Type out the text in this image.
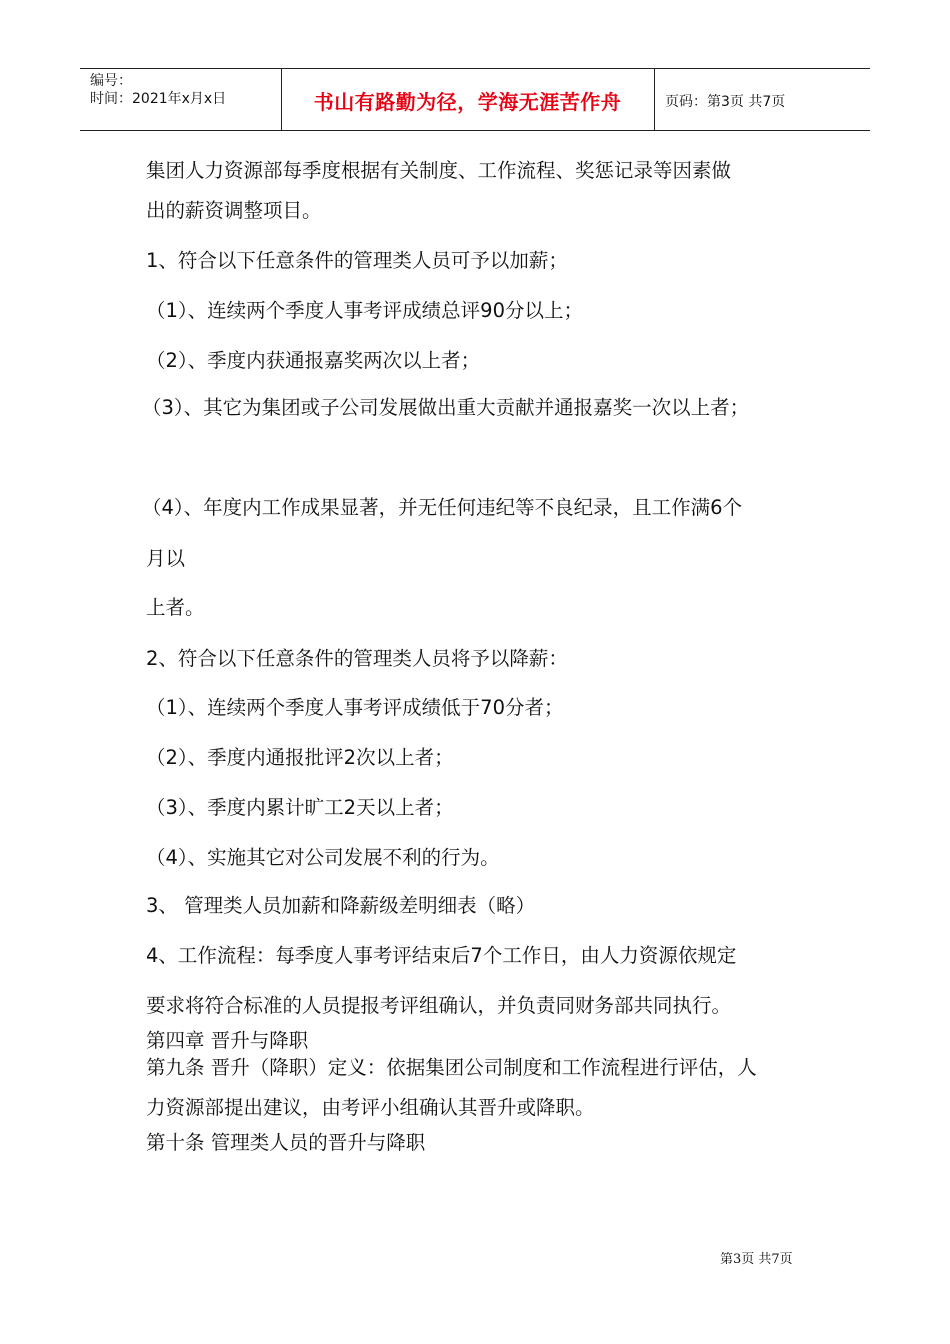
编号：
时间：2021年x月x日	书山有路勤为径，学海无涯苦作舟	页码：第3页 共7页
集团人力资源部每季度根据有关制度、工作流程、奖惩记录等因素做
出的薪资调整项目。
1、符合以下任意条件的管理类人员可予以加薪；
（1）、连续两个季度人事考评成绩总评90分以上；
（2）、季度内获通报嘉奖两次以上者；
（3）、其它为集团或子公司发展做出重大贡献并通报嘉奖一次以上者；
（4）、年度内工作成果显著，并无任何违纪等不良纪录，且工作满6个
月以
上者。
2、符合以下任意条件的管理类人员将予以降薪：
（1）、连续两个季度人事考评成绩低于70分者；
（2）、季度内通报批评2次以上者；
（3）、季度内累计旷工2天以上者；
（4）、实施其它对公司发展不利的行为。
3、 管理类人员加薪和降薪级差明细表（略）
4、工作流程：每季度人事考评结束后7个工作日，由人力资源依规定
要求将符合标准的人员提报考评组确认，并负责同财务部共同执行。
第四章 晋升与降职
第九条 晋升（降职）定义：依据集团公司制度和工作流程进行评估，人
力资源部提出建议，由考评小组确认其晋升或降职。
第十条 管理类人员的晋升与降职
第3页 共7页
